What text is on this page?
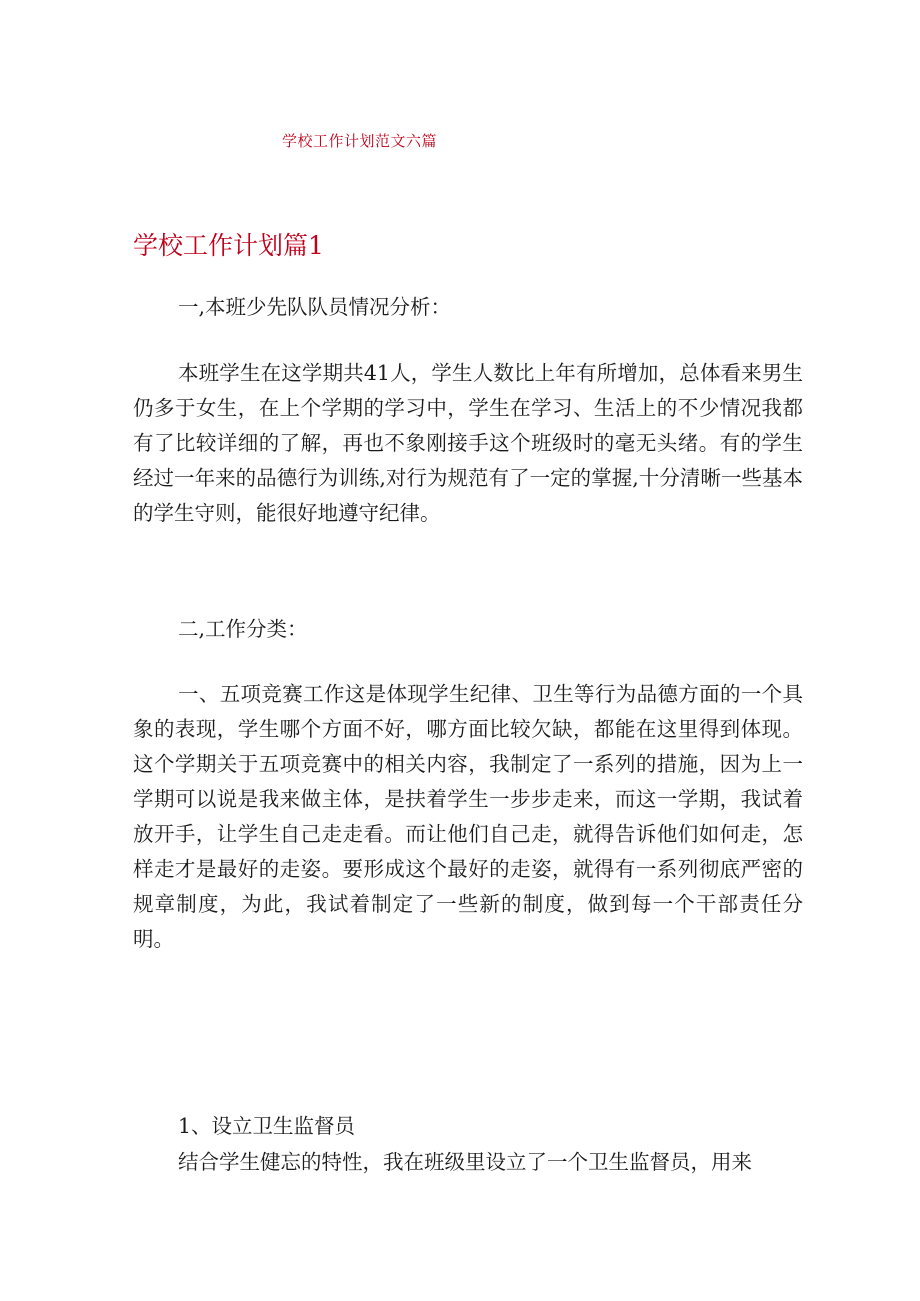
学校工作计划范文六篇
学校工作计划篇1

一,本班少先队队员情况分析：

本班学生在这学期共41人，学生人数比上年有所增加，总体看来男生仍多于女生，在上个学期的学习中，学生在学习、生活上的不少情况我都有了比较详细的了解，再也不象刚接手这个班级时的毫无头绪。有的学生经过一年来的品德行为训练,对行为规范有了一定的掌握,十分清晰一些基本的学生守则，能很好地遵守纪律。

二,工作分类：

一、五项竞赛工作这是体现学生纪律、卫生等行为品德方面的一个具象的表现，学生哪个方面不好，哪方面比较欠缺，都能在这里得到体现。这个学期关于五项竞赛中的相关内容，我制定了一系列的措施，因为上一学期可以说是我来做主体，是扶着学生一步步走来，而这一学期，我试着放开手，让学生自己走走看。而让他们自己走，就得告诉他们如何走，怎样走才是最好的走姿。要形成这个最好的走姿，就得有一系列彻底严密的规章制度，为此，我试着制定了一些新的制度，做到每一个干部责任分明。

1、设立卫生监督员

结合学生健忘的特性，我在班级里设立了一个卫生监督员，用来
